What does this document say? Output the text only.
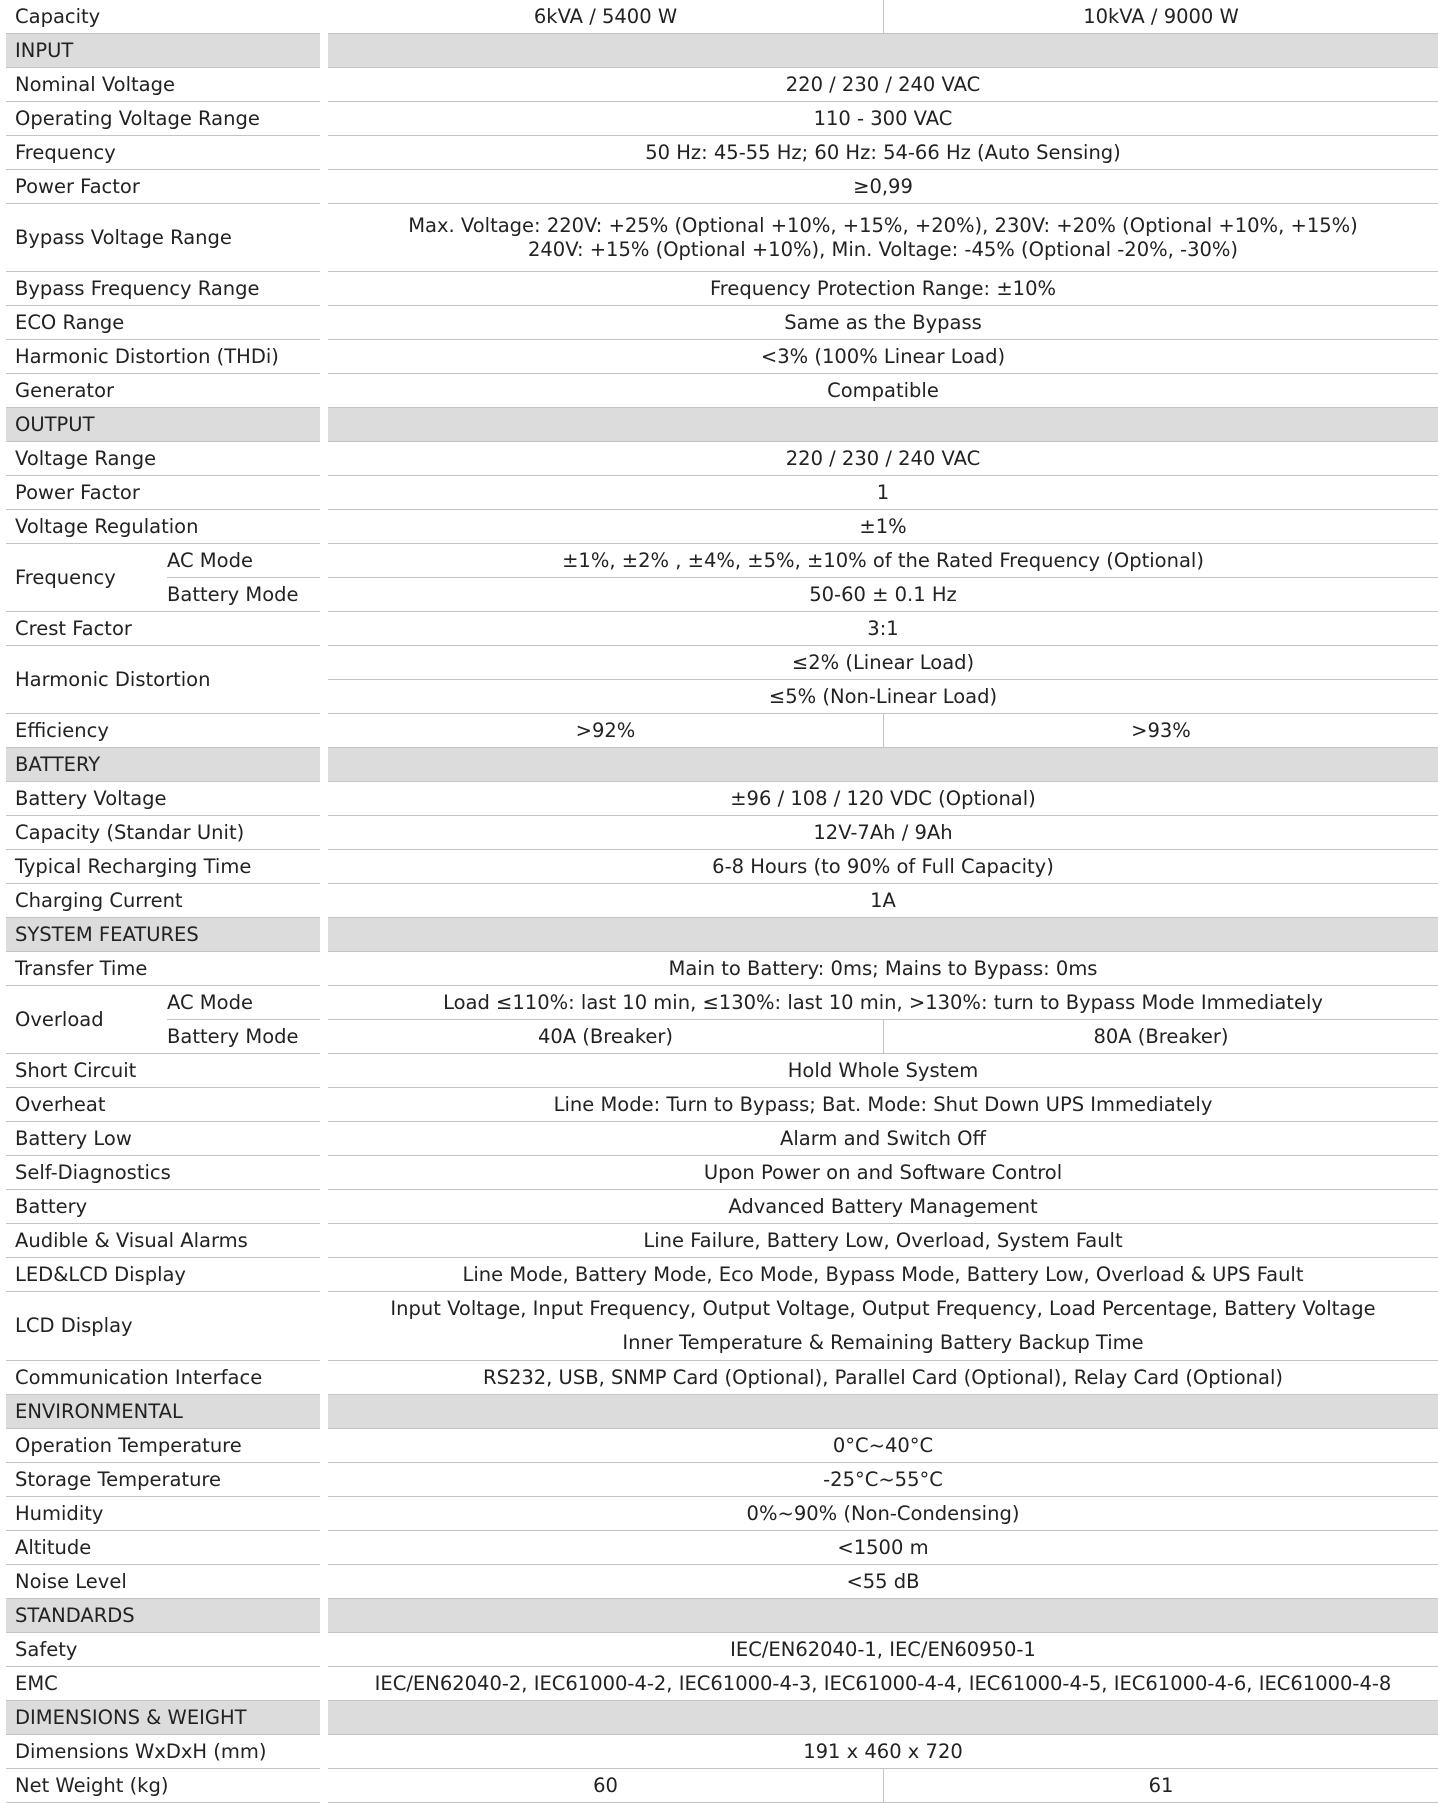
Capacity			6kVA / 5400 W	10kVA / 9000 W
INPUT				
Nominal Voltage			220 / 230 / 240 VAC	
Operating Voltage Range			110 - 300 VAC	
Frequency			50 Hz: 45-55 Hz; 60 Hz: 54-66 Hz (Auto Sensing)	
Power Factor			≥0,99	
Bypass Voltage Range			Max. Voltage: 220V: +25% (Optional +10%, +15%, +20%), 230V: +20% (Optional +10%, +15%)
240V: +15% (Optional +10%), Min. Voltage: -45% (Optional -20%, -30%)	

Bypass Frequency Range			Frequency Protection Range: ±10%	
ECO Range			Same as the Bypass	
Harmonic Distortion (THDi)			<3% (100% Linear Load)	
Generator			Compatible	
OUTPUT				
Voltage Range			220 / 230 / 240 VAC	
Power Factor			1	
Voltage Regulation			±1%	
Frequency	AC Mode		±1%, ±2% , ±4%, ±5%, ±10% of the Rated Frequency (Optional)	
	Battery Mode		50-60 ± 0.1 Hz	
Crest Factor			3:1	
Harmonic Distortion			≤2% (Linear Load)	
			≤5% (Non-Linear Load)	
Efficiency			>92%	>93%
BATTERY				
Battery Voltage			±96 / 108 / 120 VDC (Optional)	
Capacity (Standar Unit)			12V-7Ah / 9Ah	
Typical Recharging Time			6-8 Hours (to 90% of Full Capacity)	
Charging Current			1A	
SYSTEM FEATURES				
Transfer Time			Main to Battery: 0ms; Mains to Bypass: 0ms	
Overload	AC Mode		Load ≤110%: last 10 min, ≤130%: last 10 min, >130%: turn to Bypass Mode Immediately	
	Battery Mode		40A (Breaker)	80A (Breaker)
Short Circuit			Hold Whole System	
Overheat			Line Mode: Turn to Bypass; Bat. Mode: Shut Down UPS Immediately	
Battery Low			Alarm and Switch Off	
Self-Diagnostics			Upon Power on and Software Control	
Battery			Advanced Battery Management	
Audible & Visual Alarms			Line Failure, Battery Low, Overload, System Fault	
LED&LCD Display			Line Mode, Battery Mode, Eco Mode, Bypass Mode, Battery Low, Overload & UPS Fault	
LCD Display			Input Voltage, Input Frequency, Output Voltage, Output Frequency, Load Percentage, Battery Voltage
Inner Temperature & Remaining Battery Backup Time	

Communication Interface			RS232, USB, SNMP Card (Optional), Parallel Card (Optional), Relay Card (Optional)	
ENVIRONMENTAL				
Operation Temperature			0°C~40°C	
Storage Temperature			-25°C~55°C	
Humidity			0%~90% (Non-Condensing)	
Altitude			<1500 m	
Noise Level			<55 dB	
STANDARDS				
Safety			IEC/EN62040-1, IEC/EN60950-1	
EMC			IEC/EN62040-2, IEC61000-4-2, IEC61000-4-3, IEC61000-4-4, IEC61000-4-5, IEC61000-4-6, IEC61000-4-8	
DIMENSIONS & WEIGHT				
Dimensions WxDxH (mm)			191 x 460 x 720	
Net Weight (kg)			60	61
